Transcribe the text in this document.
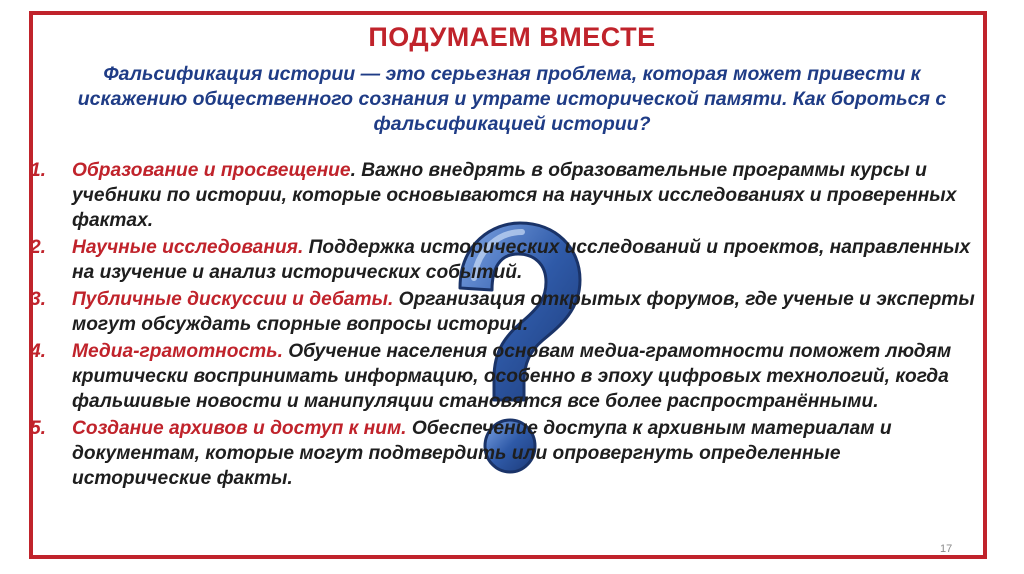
ПОДУМАЕМ ВМЕСТЕ
Фальсификация истории — это серьезная проблема, которая может привести к искажению общественного сознания и утрате исторической памяти. Как бороться с фальсификацией истории?
1. Образование и просвещение. Важно внедрять в образовательные программы курсы и учебники по истории, которые основываются на научных исследованиях и проверенных фактах.
2. Научные исследования. Поддержка исторических исследований и проектов, направленных на изучение и анализ исторических событий.
3. Публичные дискуссии и дебаты. Организация открытых форумов, где ученые и эксперты могут обсуждать спорные вопросы истории.
4. Медиа-грамотность. Обучение населения основам медиа-грамотности поможет людям критически воспринимать информацию, особенно в эпоху цифровых технологий, когда фальшивые новости и манипуляции становятся все более распространёнными.
5. Создание архивов и доступ к ним. Обеспечение доступа к архивным материалам и документам, которые могут подтвердить или опровергнуть определенные исторические факты.
17
